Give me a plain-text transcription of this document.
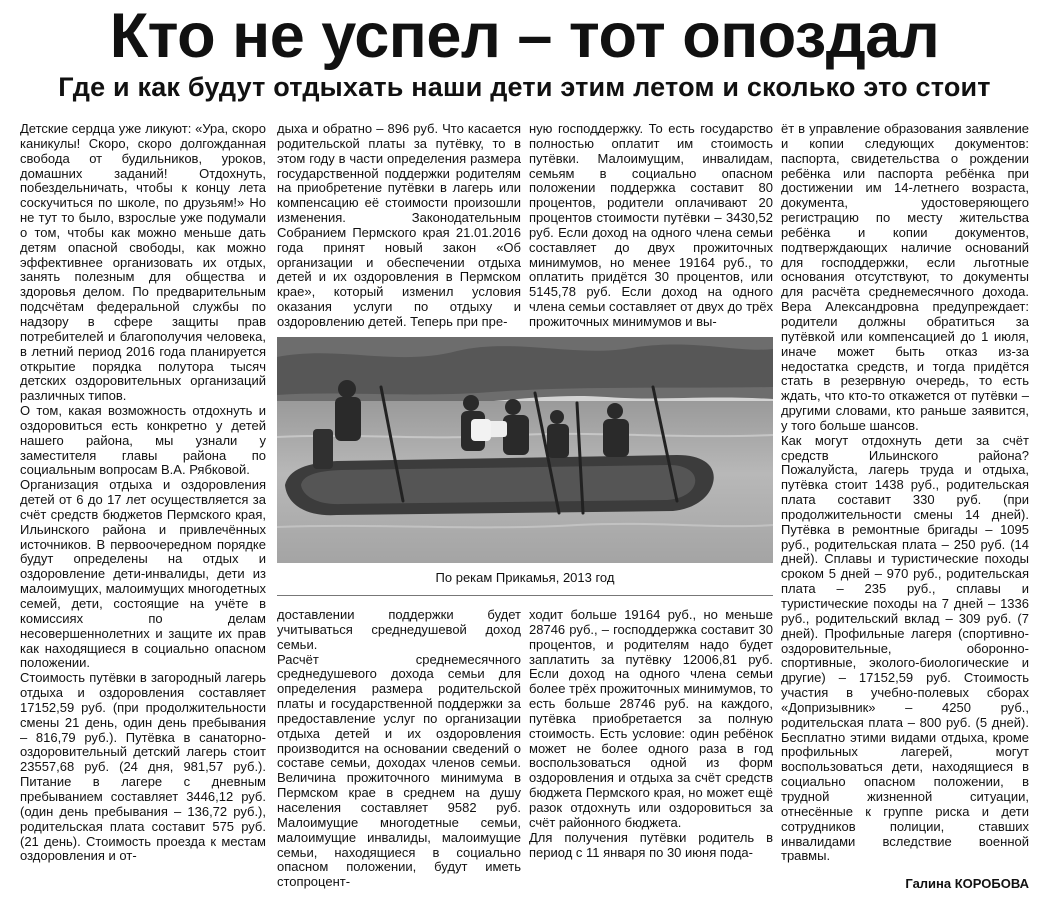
Кто не успел – тот опоздал
Где и как будут отдыхать наши дети этим летом и сколько это стоит

Детские сердца уже ликуют: «Ура, скоро каникулы! Скоро, скоро долгожданная свобода от будильников, уроков, домашних заданий! Отдохнуть, побездельничать, чтобы к концу лета соскучиться по школе, по друзьям!» Но не тут то было, взрослые уже подумали о том, чтобы как можно меньше дать детям опасной свободы, как можно эффективнее организовать их отдых, занять полезным для общества и здоровья делом. По предварительным подсчётам федеральной службы по надзору в сфере защиты прав потребителей и благополучия человека, в летний период 2016 года планируется открытие порядка полутора тысяч детских оздоровительных организаций различных типов.
О том, какая возможность отдохнуть и оздоровиться есть конкретно у детей нашего района, мы узнали у заместителя главы района по социальным вопросам В.А. Рябковой.
Организация отдыха и оздоровления детей от 6 до 17 лет осуществляется за счёт средств бюджетов Пермского края, Ильинского района и привлечённых источников. В первоочередном порядке будут определены на отдых и оздоровление дети-инвалиды, дети из малоимущих, малоимущих многодетных семей, дети, состоящие на учёте в комиссиях по делам несовершеннолетних и защите их прав как находящиеся в социально опасном положении.
Стоимость путёвки в загородный лагерь отдыха и оздоровления составляет 17152,59 руб. (при продолжительности смены 21 день, один день пребывания – 816,79 руб.). Путёвка в санаторно-оздоровительный детский лагерь стоит 23557,68 руб. (24 дня, 981,57 руб.). Питание в лагере с дневным пребыванием составляет 3446,12 руб. (один день пребывания – 136,72 руб.), родительская плата составит 575 руб. (21 день). Стоимость проезда к местам оздоровления и от-

дыха и обратно – 896 руб. Что касается родительской платы за путёвку, то в этом году в части определения размера государственной поддержки родителям на приобретение путёвки в лагерь или компенсацию её стоимости произошли изменения. Законодательным Собранием Пермского края 21.01.2016 года принят новый закон «Об организации и обеспечении отдыха детей и их оздоровления в Пермском крае», который изменил условия оказания услуги по отдыху и оздоровлению детей. Теперь при пре-

ную господдержку. То есть государство полностью оплатит им стоимость путёвки. Малоимущим, инвалидам, семьям в социально опасном положении поддержка составит 80 процентов, родители оплачивают 20 процентов стоимости путёвки – 3430,52 руб. Если доход на одного члена семьи составляет до двух прожиточных минимумов, но менее 19164 руб., то оплатить придётся 30 процентов, или 5145,78 руб. Если доход на одного члена семьи составляет от двух до трёх прожиточных минимумов и вы-

По рекам Прикамья, 2013 год

доставлении поддержки будет учитываться среднедушевой доход семьи.
Расчёт среднемесячного среднедушевого дохода семьи для определения размера родительской платы и государственной поддержки за предоставление услуг по организации отдыха детей и их оздоровления производится на основании сведений о составе семьи, доходах членов семьи. Величина прожиточного минимума в Пермском крае в среднем на душу населения составляет 9582 руб. Малоимущие многодетные семьи, малоимущие инвалиды, малоимущие семьи, находящиеся в социально опасном положении, будут иметь стопроцент-

ходит больше 19164 руб., но меньше 28746 руб., – господдержка составит 30 процентов, и родителям надо будет заплатить за путёвку 12006,81 руб. Если доход на одного члена семьи более трёх прожиточных минимумов, то есть больше 28746 руб. на каждого, путёвка приобретается за полную стоимость. Есть условие: один ребёнок может не более одного раза в год воспользоваться одной из форм оздоровления и отдыха за счёт средств бюджета Пермского края, но может ещё разок отдохнуть или оздоровиться за счёт районного бюджета.
Для получения путёвки родитель в период с 11 января по 30 июня пода-

ёт в управление образования заявление и копии следующих документов: паспорта, свидетельства о рождении ребёнка или паспорта ребёнка при достижении им 14-летнего возраста, документа, удостоверяющего регистрацию по месту жительства ребёнка и копии документов, подтверждающих наличие оснований для господдержки, если льготные основания отсутствуют, то документы для расчёта среднемесячного дохода. Вера Александровна предупреждает: родители должны обратиться за путёвкой или компенсацией до 1 июля, иначе может быть отказ из-за недостатка средств, и тогда придётся стать в резервную очередь, то есть ждать, что кто-то откажется от путёвки – другими словами, кто раньше заявится, у того больше шансов.
Как могут отдохнуть дети за счёт средств Ильинского района? Пожалуйста, лагерь труда и отдыха, путёвка стоит 1438 руб., родительская плата составит 330 руб. (при продолжительности смены 14 дней). Путёвка в ремонтные бригады – 1095 руб., родительская плата – 250 руб. (14 дней). Сплавы и туристические походы сроком 5 дней – 970 руб., родительская плата – 235 руб., сплавы и туристические походы на 7 дней – 1336 руб., родительский вклад – 309 руб. (7 дней). Профильные лагеря (спортивно-оздоровительные, оборонно-спортивные, эколого-биологические и другие) – 17152,59 руб. Стоимость участия в учебно-полевых сборах «Допризывник» – 4250 руб., родительская плата – 800 руб. (5 дней). Бесплатно этими видами отдыха, кроме профильных лагерей, могут воспользоваться дети, находящиеся в социально опасном положении, в трудной жизненной ситуации, отнесённые к группе риска и дети сотрудников полиции, ставших инвалидами вследствие военной травмы.

Галина КОРОБОВА
